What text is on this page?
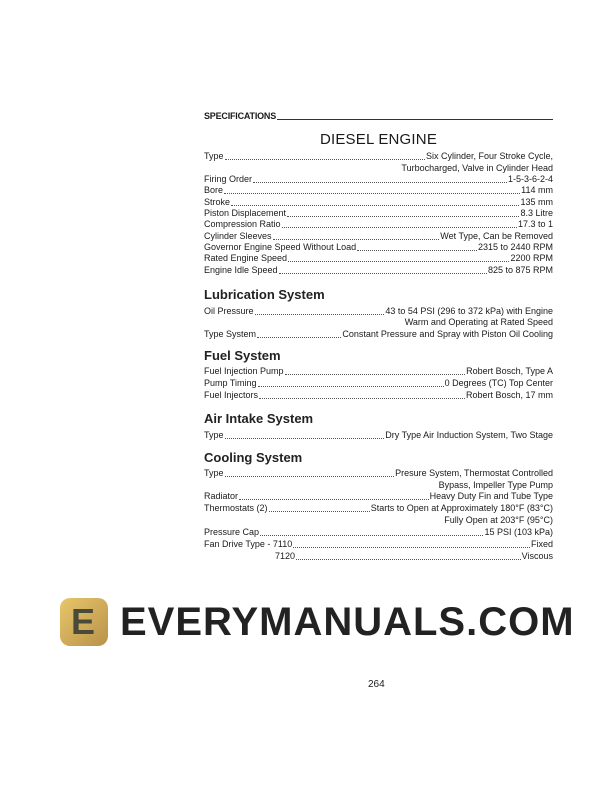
SPECIFICATIONS
DIESEL ENGINE
Type	Six Cylinder, Four Stroke Cycle,
Turbocharged, Valve in Cylinder Head
Firing Order	1-5-3-6-2-4
Bore	114 mm
Stroke	135 mm
Piston Displacement	8.3 Litre
Compression Ratio	17.3 to 1
Cylinder Sleeves	Wet Type, Can be Removed
Governor Engine Speed Without Load	2315 to 2440 RPM
Rated Engine Speed	2200 RPM
Engine Idle Speed	825 to 875 RPM
Lubrication System
Oil Pressure	43 to 54 PSI (296 to 372 kPa) with Engine
Warm and Operating at Rated Speed
Type System	Constant Pressure and Spray with Piston Oil Cooling
Fuel System
Fuel Injection Pump	Robert Bosch, Type A
Pump Timing	0 Degrees (TC) Top Center
Fuel Injectors	Robert Bosch, 17 mm
Air Intake System
Type	Dry Type Air Induction System, Two Stage
Cooling System
Type	Presure System, Thermostat Controlled
Bypass, Impeller Type Pump
Radiator	Heavy Duty Fin and Tube Type
Thermostats (2)	Starts to Open at Approximately 180°F (83°C)
Fully Open at 203°F (95°C)
Pressure Cap	15 PSI (103 kPa)
Fan Drive Type - 7110	Fixed
7120	Viscous
E EVERYMANUALS.COM
264
